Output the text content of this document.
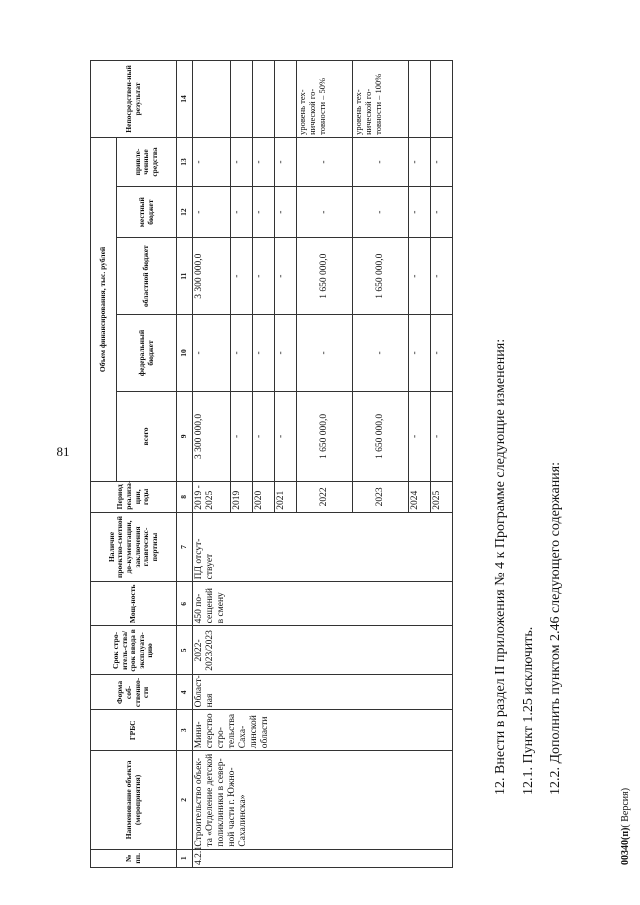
81
№ пп.	Наименование объекта (мероприятия)	ГРБС	Форма соб-ственно-сти	Срок стро-итель-ства/срок ввода в эксплуата-цию	Мощ-ность	Наличие проектно-сметной до-кументации, заключения главгосэкс-пертизы	Период реализа-ции, годы	Объем финансирования, тыс. рублей					Непосредствен-ный результат
								всего	федеральный бюджет	областной бюджет	местный бюджет	привле-ченные средства	
1	2	3	4	5	6	7	8	9	10	11	12	13	14
4.2.1.	Строительство объек-та «Отделение детской поликлиники в север-ной части г. Южно-Сахалинска»	Мини-стерство стро-тельства Саха-линской области	Област-ная	2022-2023/2023	450 по-сещений в смену	ПД отсут-ствует	2019 - 2025	3 300 000,0	-	3 300 000,0	-	-	
							2019	-	-	-	-	-	
							2020	-	-	-	-	-	
							2021	-	-	-	-	-	
							2022	1 650 000,0	-	1 650 000,0	-	-	уровень тех-нической го-товности – 50%
							2023	1 650 000,0	-	1 650 000,0	-	-	уровень тех-нической го-товности – 100%
							2024	-	-	-	-	-	
							2025	-	-	-	-	-	
12. Внести в раздел II приложения № 4 к Программе следующие изменения: 12.1. Пункт 1.25 исключить. 12.2. Дополнить пунктом 2.46 следующего содержания:
00340(п)( Версия)
